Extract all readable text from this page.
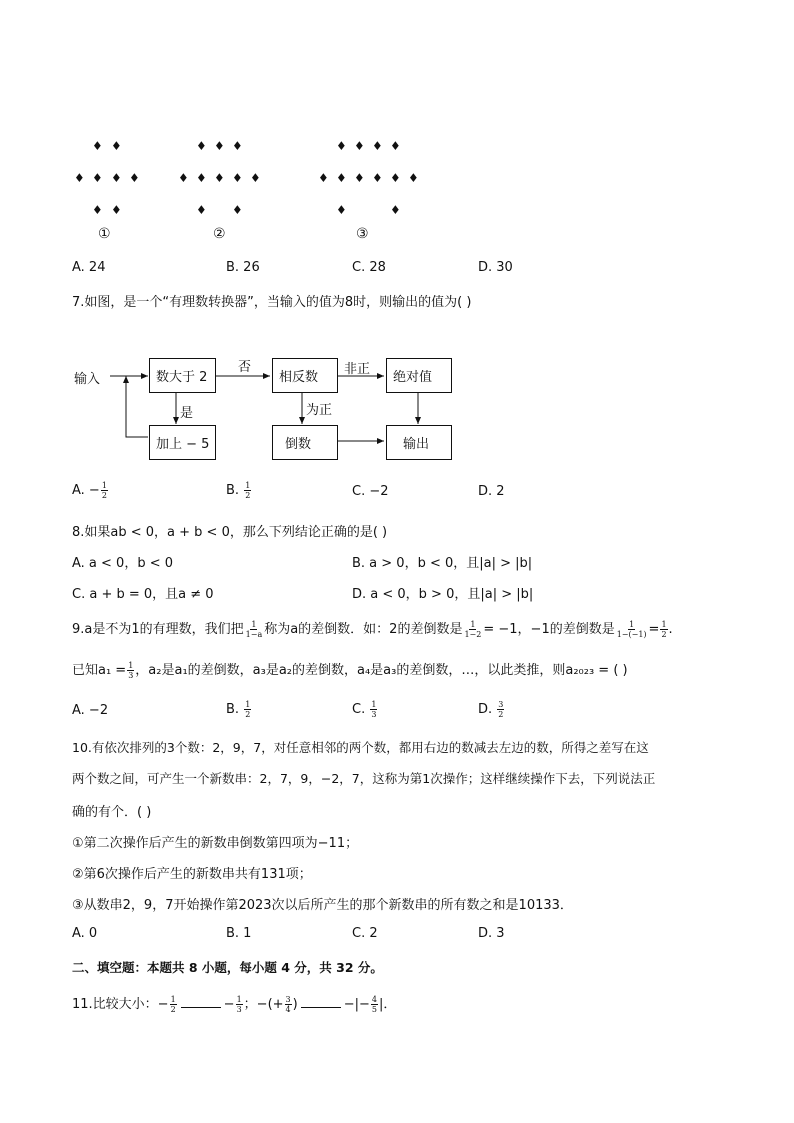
♦ ♦
♦ ♦ ♦ ♦
♦ ♦
♦ ♦ ♦
♦ ♦ ♦ ♦ ♦
♦ ♦
♦ ♦ ♦ ♦
♦ ♦ ♦ ♦ ♦ ♦
♦	♦
①	②	③
A. 24	B. 26	C. 28	D. 30
7.如图，是一个“有理数转换器”，当输入的值为8时，则输出的值为( )
输入	数大于 2
否
相反数
非正
绝对值
是	为正
加上 − 5	倒数	输出
A. − $\frac{1}{2}$	B. $\frac{1}{2}$	C. −2	D. 2
8.如果ab < 0，a + b < 0，那么下列结论正确的是( )
A. a < 0，b < 0	B. a > 0，b < 0，且|a| > |b|
C. a + b = 0，且a ≠ 0	D. a < 0，b > 0，且|a| > |b|
9.a是不为1的有理数，我们把 $\frac{1}{1-a}$ 称为a的差倒数．如：2的差倒数是 $\frac{1}{1-2} = -1$，−1的差倒数是 $\frac{1}{1-(-1)} = \frac{1}{2}$ .
已知$a_1 = \frac{1}{3}$ ，a₂是a₁的差倒数，a₃是a₂的差倒数，a₄是a₃的差倒数，…，以此类推，则a₂₀₂₃ = ( )
A. −2	B. $\frac{1}{2}$	C. $\frac{1}{3}$	D. $\frac{3}{2}$
10.有依次排列的3个数：2，9，7，对任意相邻的两个数，都用右边的数减去左边的数，所得之差写在这
两个数之间，可产生一个新数串：2，7，9，−2，7，这称为第1次操作；这样继续操作下去，下列说法正
确的有个．( )
①第二次操作后产生的新数串倒数第四项为−11；
②第6次操作后产生的新数串共有131项；
③从数串2，9，7开始操作第2023次以后所产生的那个新数串的所有数之和是10133．
A. 0	B. 1	C. 2	D. 3
二、填空题：本题共 8 小题，每小题 4 分，共 32 分。
11.比较大小：− $\frac{1}{2}$	− $\frac{1}{3}$ ；−(+ $\frac{3}{4}$ )	−|− $\frac{4}{5}$ |．
